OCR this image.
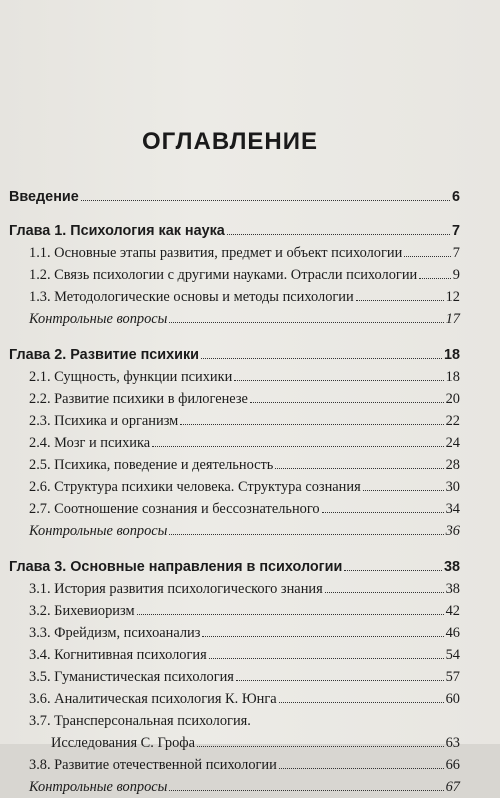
ОГЛАВЛЕНИЕ
Введение	6
Глава 1. Психология как наука	7
1.1. Основные этапы развития, предмет и объект психологии	7
1.2. Связь психологии с другими науками. Отрасли психологии 9
1.3. Методологические основы и методы психологии	12
Контрольные вопросы	17
Глава 2. Развитие психики	18
2.1. Сущность, функции психики	18
2.2. Развитие психики в филогенезе	20
2.3. Психика и организм	22
2.4. Мозг и психика	24
2.5. Психика, поведение и деятельность	28
2.6. Структура психики человека. Структура сознания	30
2.7. Соотношение сознания и бессознательного	34
Контрольные вопросы	36
Глава 3. Основные направления в психологии	38
3.1. История развития психологического знания	38
3.2. Бихевиоризм	42
3.3. Фрейдизм, психоанализ	46
3.4. Когнитивная психология	54
3.5. Гуманистическая психология	57
3.6. Аналитическая психология К. Юнга	60
3.7. Трансперсональная психология.
Исследования С. Грофа	63
3.8. Развитие отечественной психологии	66
Контрольные вопросы	67
